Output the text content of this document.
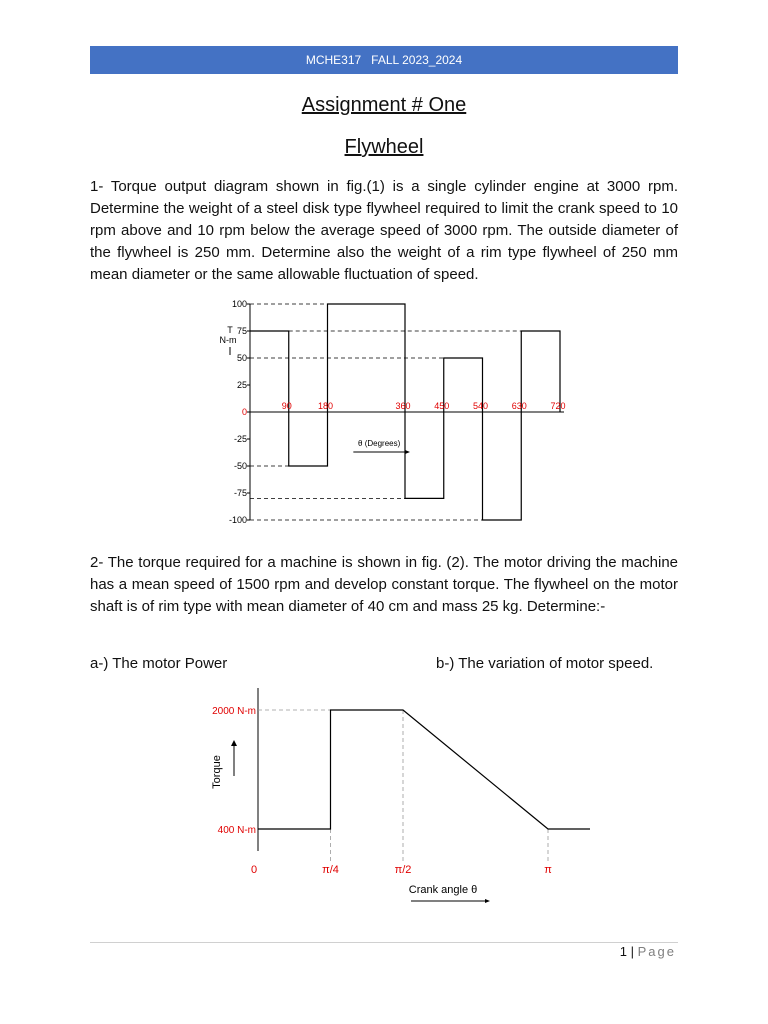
MCHE317   FALL 2023_2024
Assignment # One
Flywheel
1- Torque output diagram shown in fig.(1) is a single cylinder engine at 3000 rpm. Determine the weight of a steel disk type flywheel required to limit the crank speed to 10 rpm above and 10 rpm below the average speed of 3000 rpm. The outside diameter of the flywheel is 250 mm. Determine also the weight of a rim type flywheel of 250 mm mean diameter or the same allowable fluctuation of speed.
100
75
50
25
0
-25
-50
-75
-100
T
N-m
90	180	360	450	540	630	720
θ (Degrees)
2- The torque required for a machine is shown in fig. (2). The motor driving the machine has a mean speed of 1500 rpm and develop constant torque. The flywheel on the motor shaft is of rim type with mean diameter of 40 cm and mass 25 kg. Determine:-
a-) The motor Power	b-) The variation of motor speed.
2000 N-m
400 N-m
Torque
0	π/4	π/2	π
Crank angle θ
1 | Page
